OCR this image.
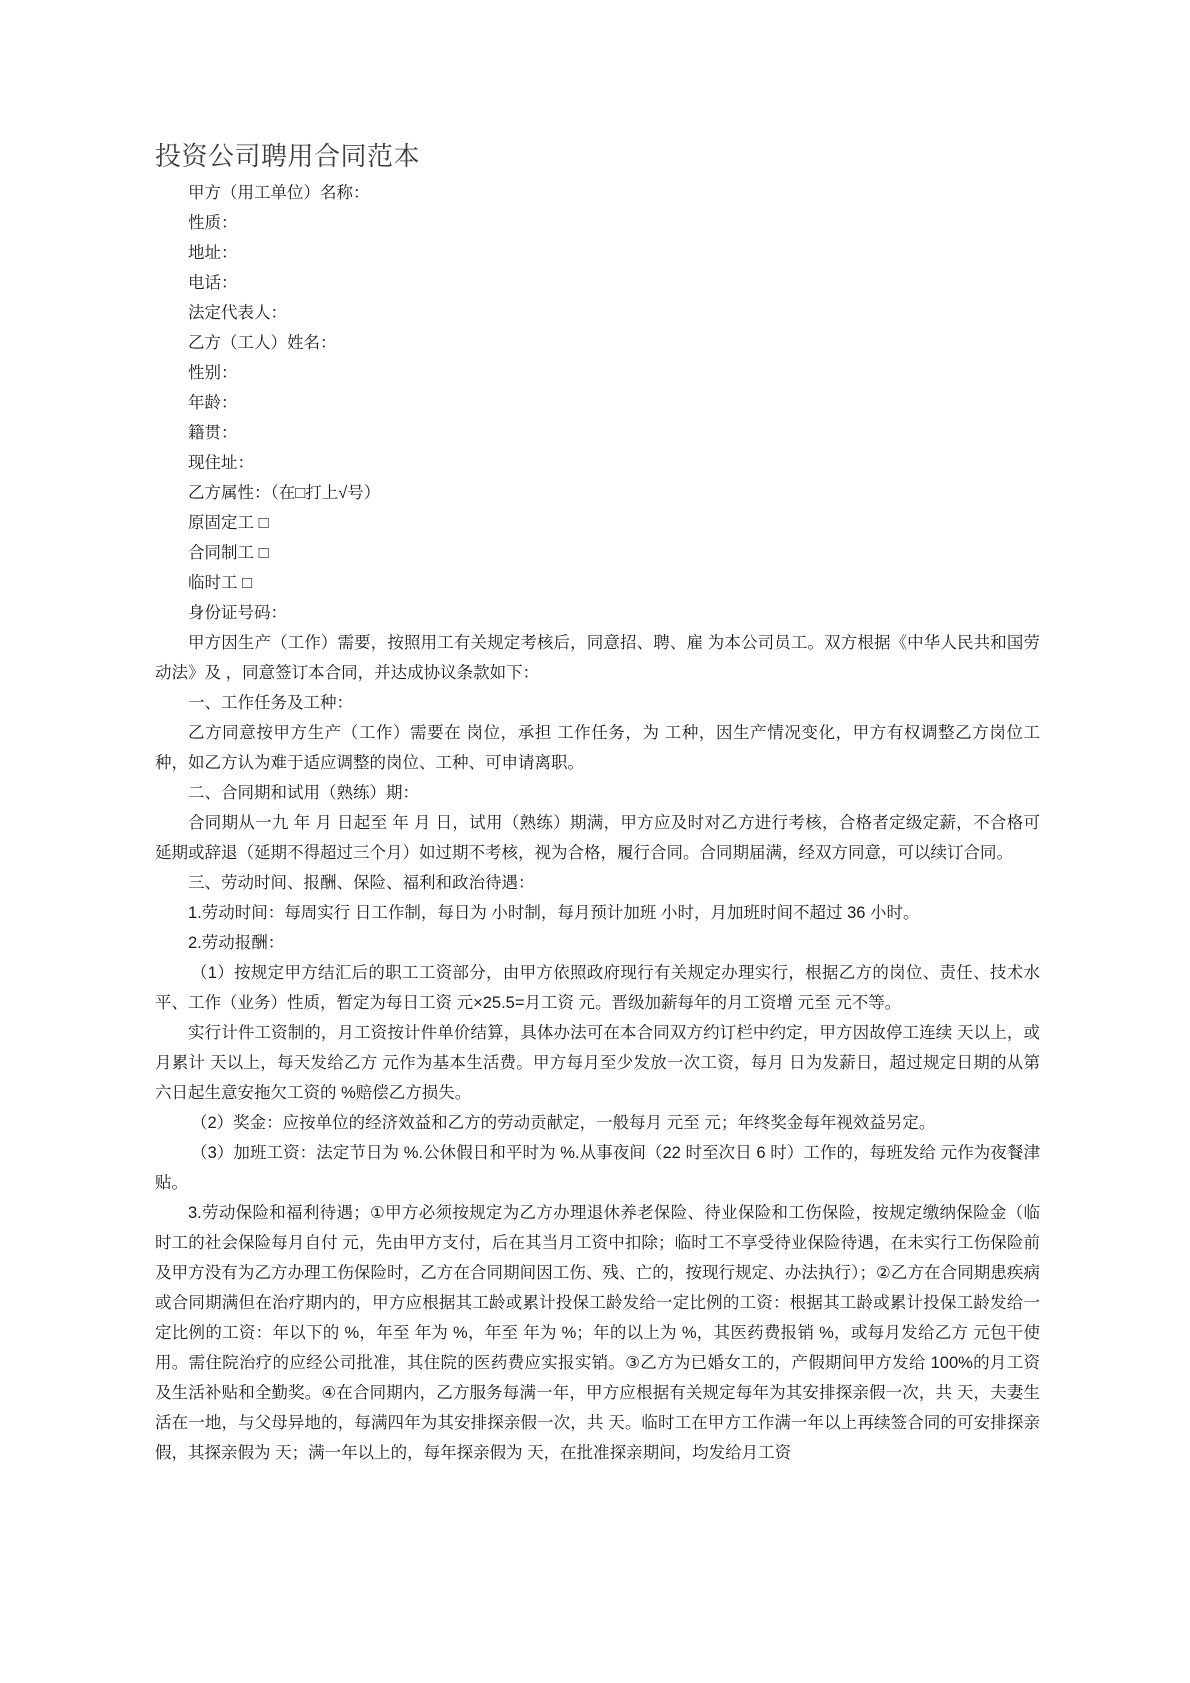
投资公司聘用合同范本
甲方（用工单位）名称：
性质：
地址：
电话：
法定代表人：
乙方（工人）姓名：
性别：
年龄：
籍贯：
现住址：
乙方属性：（在□打上√号）
原固定工 □
合同制工 □
临时工 □
身份证号码：

甲方因生产（工作）需要，按照用工有关规定考核后，同意招、聘、雇 为本公司员工。双方根据《中华人民共和国劳动法》及 ，同意签订本合同，并达成协议条款如下：

一、工作任务及工种：

乙方同意按甲方生产（工作）需要在 岗位，承担 工作任务，为 工种，因生产情况变化，甲方有权调整乙方岗位工种，如乙方认为难于适应调整的岗位、工种、可申请离职。

二、合同期和试用（熟练）期：

合同期从一九 年 月 日起至 年 月 日，试用（熟练）期满，甲方应及时对乙方进行考核，合格者定级定薪，不合格可延期或辞退（延期不得超过三个月）如过期不考核，视为合格，履行合同。合同期届满，经双方同意，可以续订合同。

三、劳动时间、报酬、保险、福利和政治待遇：

1.劳动时间：每周实行 日工作制，每日为 小时制，每月预计加班 小时，月加班时间不超过 36 小时。

2.劳动报酬：

（1）按规定甲方结汇后的职工工资部分，由甲方依照政府现行有关规定办理实行，根据乙方的岗位、责任、技术水平、工作（业务）性质，暂定为每日工资 元×25.5=月工资 元。晋级加薪每年的月工资增 元至 元不等。

实行计件工资制的，月工资按计件单价结算，具体办法可在本合同双方约订栏中约定，甲方因故停工连续 天以上，或月累计 天以上，每天发给乙方 元作为基本生活费。甲方每月至少发放一次工资，每月 日为发薪日，超过规定日期的从第六日起生意安拖欠工资的 %赔偿乙方损失。

（2）奖金：应按单位的经济效益和乙方的劳动贡献定，一般每月 元至 元；年终奖金每年视效益另定。

（3）加班工资：法定节日为 %.公休假日和平时为 %.从事夜间（22 时至次日 6 时）工作的，每班发给 元作为夜餐津贴。

3.劳动保险和福利待遇；①甲方必须按规定为乙方办理退休养老保险、待业保险和工伤保险，按规定缴纳保险金（临时工的社会保险每月自付 元，先由甲方支付，后在其当月工资中扣除；临时工不享受待业保险待遇，在未实行工伤保险前及甲方没有为乙方办理工伤保险时，乙方在合同期间因工伤、残、亡的，按现行规定、办法执行）；②乙方在合同期患疾病或合同期满但在治疗期内的，甲方应根据其工龄或累计投保工龄发给一定比例的工资：根据其工龄或累计投保工龄发给一定比例的工资：年以下的 %，年至 年为 %，年至 年为 %；年的以上为 %，其医药费报销 %，或每月发给乙方 元包干使用。需住院治疗的应经公司批准，其住院的医药费应实报实销。③乙方为已婚女工的，产假期间甲方发给 100%的月工资及生活补贴和全勤奖。④在合同期内，乙方服务每满一年，甲方应根据有关规定每年为其安排探亲假一次，共 天，夫妻生活在一地，与父母异地的，每满四年为其安排探亲假一次，共 天。临时工在甲方工作满一年以上再续签合同的可安排探亲假，其探亲假为 天；满一年以上的，每年探亲假为 天，在批准探亲期间，均发给月工资
